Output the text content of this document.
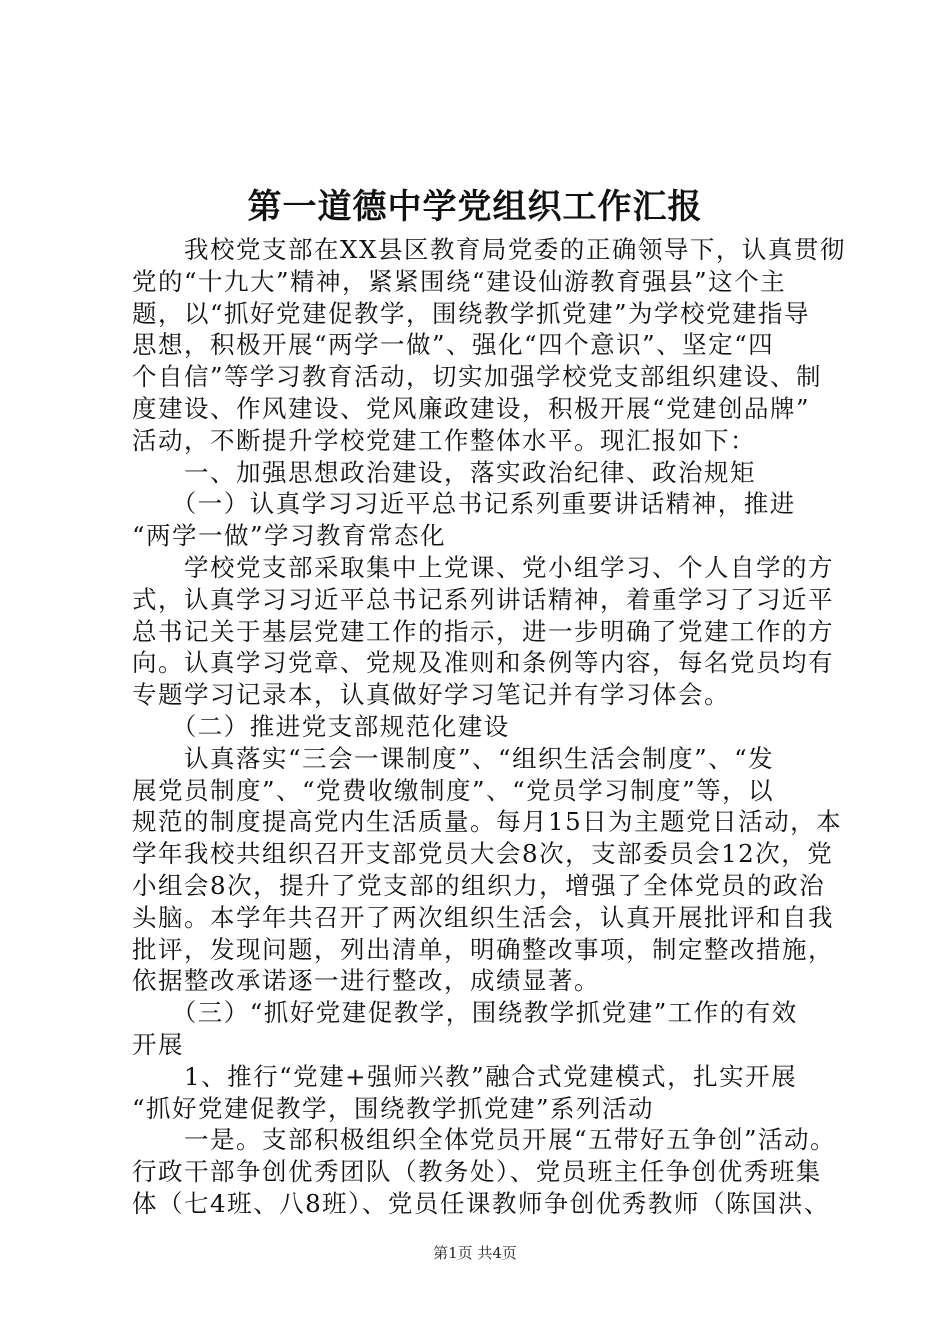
第一道德中学党组织工作汇报
　　我校党支部在XX县区教育局党委的正确领导下，认真贯彻
党的“十九大”精神，紧紧围绕“建设仙游教育强县”这个主
题，以“抓好党建促教学，围绕教学抓党建”为学校党建指导
思想，积极开展“两学一做”、强化“四个意识”、坚定“四
个自信”等学习教育活动，切实加强学校党支部组织建设、制
度建设、作风建设、党风廉政建设，积极开展“党建创品牌”
活动，不断提升学校党建工作整体水平。现汇报如下：
　　一、加强思想政治建设，落实政治纪律、政治规矩
　　（一）认真学习习近平总书记系列重要讲话精神，推进
“两学一做”学习教育常态化
　　学校党支部采取集中上党课、党小组学习、个人自学的方
式，认真学习习近平总书记系列讲话精神，着重学习了习近平
总书记关于基层党建工作的指示，进一步明确了党建工作的方
向。认真学习党章、党规及准则和条例等内容，每名党员均有
专题学习记录本，认真做好学习笔记并有学习体会。
　　（二）推进党支部规范化建设
　　认真落实“三会一课制度”、“组织生活会制度”、“发
展党员制度”、“党费收缴制度”、“党员学习制度”等，以
规范的制度提高党内生活质量。每月15日为主题党日活动，本
学年我校共组织召开支部党员大会8次，支部委员会12次，党
小组会8次，提升了党支部的组织力，增强了全体党员的政治
头脑。本学年共召开了两次组织生活会，认真开展批评和自我
批评，发现问题，列出清单，明确整改事项，制定整改措施，
依据整改承诺逐一进行整改，成绩显著。
　　（三）“抓好党建促教学，围绕教学抓党建”工作的有效
开展
　　1、推行“党建+强师兴教”融合式党建模式，扎实开展
“抓好党建促教学，围绕教学抓党建”系列活动
　　一是。支部积极组织全体党员开展“五带好五争创”活动。
行政干部争创优秀团队（教务处）、党员班主任争创优秀班集
体（七4班、八8班）、党员任课教师争创优秀教师（陈国洪、
第1页 共4页
